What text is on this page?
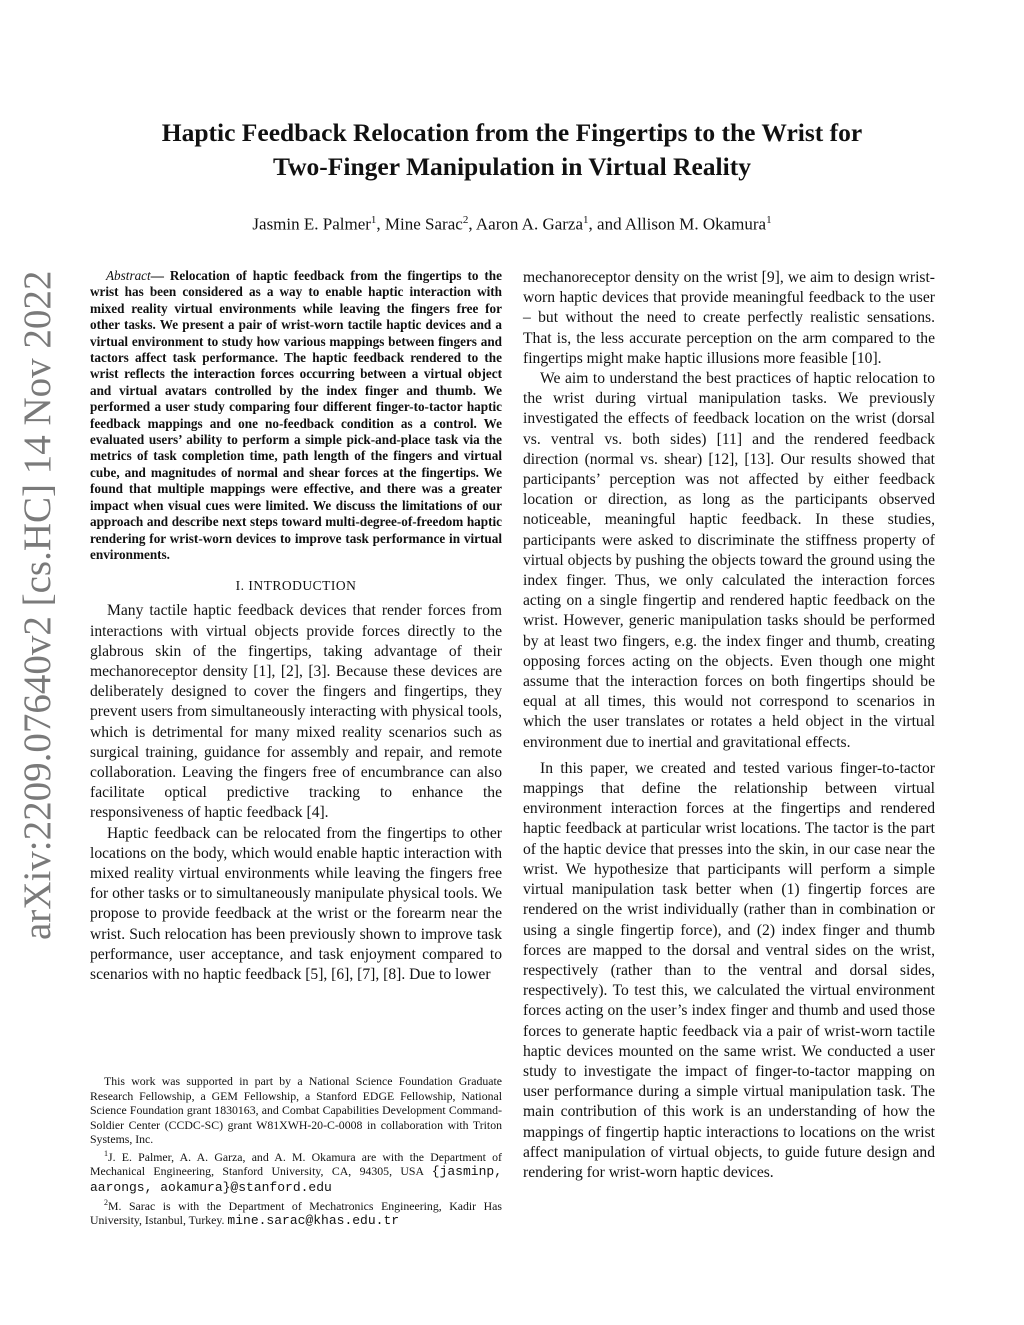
arXiv:2209.07640v2 [cs.HC] 14 Nov 2022
Haptic Feedback Relocation from the Fingertips to the Wrist for
Two-Finger Manipulation in Virtual Reality
Jasmin E. Palmer$^1$, Mine Sarac$^2$, Aaron A. Garza$^1$, and Allison M. Okamura$^1$

Abstract— Relocation of haptic feedback from the fingertips to the wrist has been considered as a way to enable haptic interaction with mixed reality virtual environments while leaving the fingers free for other tasks. We present a pair of wrist-worn tactile haptic devices and a virtual environment to study how various mappings between fingers and tactors affect task performance. The haptic feedback rendered to the wrist reflects the interaction forces occurring between a virtual object and virtual avatars controlled by the index finger and thumb. We performed a user study comparing four different finger-to-tactor haptic feedback mappings and one no-feedback condition as a control. We evaluated users’ ability to perform a simple pick-and-place task via the metrics of task completion time, path length of the fingers and virtual cube, and magnitudes of normal and shear forces at the fingertips. We found that multiple mappings were effective, and there was a greater impact when visual cues were limited. We discuss the limitations of our approach and describe next steps toward multi-degree-of-freedom haptic rendering for wrist-worn devices to improve task performance in virtual environments.

I. INTRODUCTION

Many tactile haptic feedback devices that render forces from interactions with virtual objects provide forces directly to the glabrous skin of the fingertips, taking advantage of their mechanoreceptor density [1], [2], [3]. Because these devices are deliberately designed to cover the fingers and fingertips, they prevent users from simultaneously interacting with physical tools, which is detrimental for many mixed reality scenarios such as surgical training, guidance for assembly and repair, and remote collaboration. Leaving the fingers free of encumbrance can also facilitate optical predictive tracking to enhance the responsiveness of haptic feedback [4].

Haptic feedback can be relocated from the fingertips to other locations on the body, which would enable haptic interaction with mixed reality virtual environments while leaving the fingers free for other tasks or to simultaneously manipulate physical tools. We propose to provide feedback at the wrist or the forearm near the wrist. Such relocation has been previously shown to improve task performance, user acceptance, and task enjoyment compared to scenarios with no haptic feedback [5], [6], [7], [8]. Due to lower

This work was supported in part by a National Science Foundation Graduate Research Fellowship, a GEM Fellowship, a Stanford EDGE Fellowship, National Science Foundation grant 1830163, and Combat Capabilities Development Command-Soldier Center (CCDC-SC) grant W81XWH-20-C-0008 in collaboration with Triton Systems, Inc.

$^1$J. E. Palmer, A. A. Garza, and A. M. Okamura are with the Department of Mechanical Engineering, Stanford University, CA, 94305, USA {jasminp, aarongs, aokamura}@stanford.edu

$^2$M. Sarac is with the Department of Mechatronics Engineering, Kadir Has University, Istanbul, Turkey. mine.sarac@khas.edu.tr

mechanoreceptor density on the wrist [9], we aim to design wrist-worn haptic devices that provide meaningful feedback to the user – but without the need to create perfectly realistic sensations. That is, the less accurate perception on the arm compared to the fingertips might make haptic illusions more feasible [10].

We aim to understand the best practices of haptic relocation to the wrist during virtual manipulation tasks. We previously investigated the effects of feedback location on the wrist (dorsal vs. ventral vs. both sides) [11] and the rendered feedback direction (normal vs. shear) [12], [13]. Our results showed that participants’ perception was not affected by either feedback location or direction, as long as the participants observed noticeable, meaningful haptic feedback. In these studies, participants were asked to discriminate the stiffness property of virtual objects by pushing the objects toward the ground using the index finger. Thus, we only calculated the interaction forces acting on a single fingertip and rendered haptic feedback on the wrist. However, generic manipulation tasks should be performed by at least two fingers, e.g. the index finger and thumb, creating opposing forces acting on the objects. Even though one might assume that the interaction forces on both fingertips should be equal at all times, this would not correspond to scenarios in which the user translates or rotates a held object in the virtual environment due to inertial and gravitational effects.

In this paper, we created and tested various finger-to-tactor mappings that define the relationship between virtual environment interaction forces at the fingertips and rendered haptic feedback at particular wrist locations. The tactor is the part of the haptic device that presses into the skin, in our case near the wrist. We hypothesize that participants will perform a simple virtual manipulation task better when (1) fingertip forces are rendered on the wrist individually (rather than in combination or using a single fingertip force), and (2) index finger and thumb forces are mapped to the dorsal and ventral sides on the wrist, respectively (rather than to the ventral and dorsal sides, respectively). To test this, we calculated the virtual environment forces acting on the user’s index finger and thumb and used those forces to generate haptic feedback via a pair of wrist-worn tactile haptic devices mounted on the same wrist. We conducted a user study to investigate the impact of finger-to-tactor mapping on user performance during a simple virtual manipulation task. The main contribution of this work is an understanding of how the mappings of fingertip haptic interactions to locations on the wrist affect manipulation of virtual objects, to guide future design and rendering for wrist-worn haptic devices.
